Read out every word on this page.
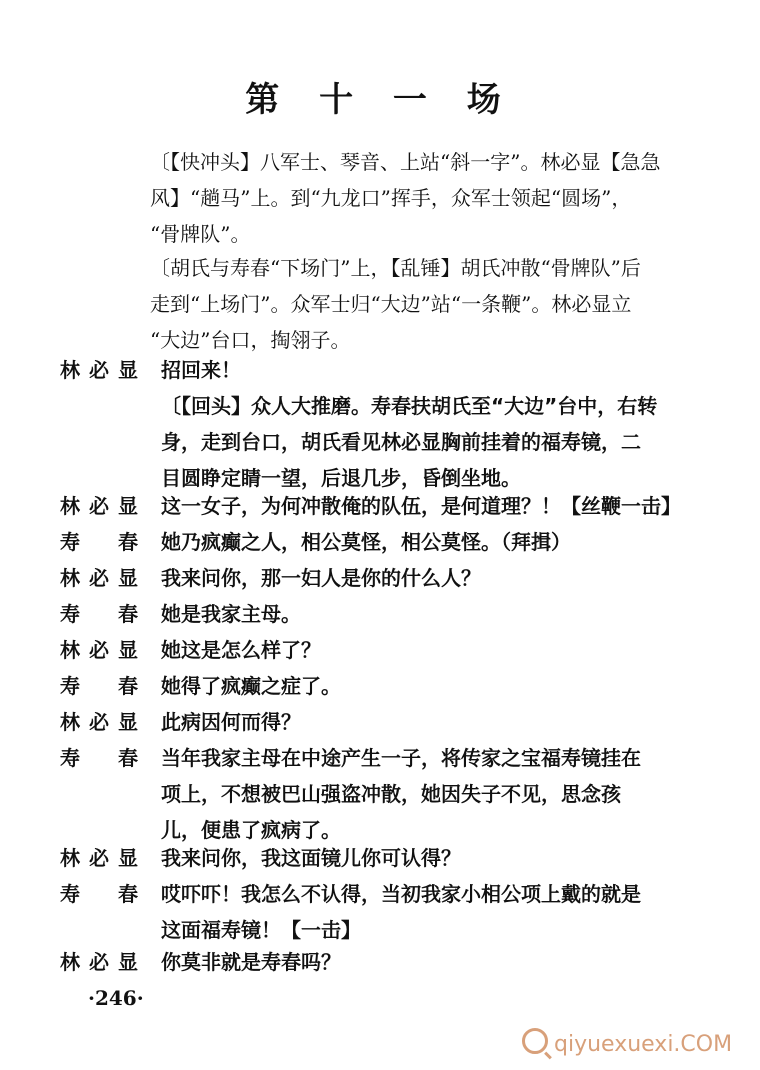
第 十 一 场
〔【快冲头】八军士、琴音、上站“斜一字”。林必显【急急
风】“趟马”上。到“九龙口”挥手，众军士领起“圆场”，
“骨牌队”。
〔胡氏与寿春“下场门”上，【乱锤】胡氏冲散“骨牌队”后
走到“上场门”。众军士归“大边”站“一条鞭”。林必显立
“大边”台口，掏翎子。
林必显 招回来！
〔【回头】众人大推磨。寿春扶胡氏至“大边”台中，右转
身，走到台口，胡氏看见林必显胸前挂着的福寿镜，二
目圆睁定睛一望，后退几步，昏倒坐地。
林必显 这一女子，为何冲散俺的队伍，是何道理？！【丝鞭一击】
寿　春 她乃疯癫之人，相公莫怪，相公莫怪。（拜揖）
林必显 我来问你，那一妇人是你的什么人？
寿　春 她是我家主母。
林必显 她这是怎么样了？
寿　春 她得了疯癫之症了。
林必显 此病因何而得？
寿　春 当年我家主母在中途产生一子，将传家之宝福寿镜挂在
项上，不想被巴山强盗冲散，她因失子不见，思念孩
儿，便患了疯病了。
林必显 我来问你，我这面镜儿你可认得？
寿　春 哎吓吓！我怎么不认得，当初我家小相公项上戴的就是
这面福寿镜！【一击】
林必显 你莫非就是寿春吗？
·246·
qiyuexuexi.COM
